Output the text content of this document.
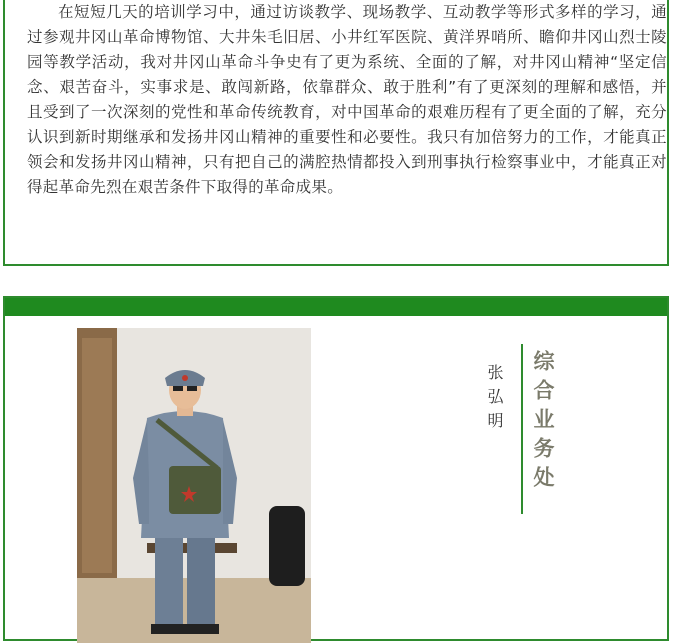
在短短几天的培训学习中，通过访谈教学、现场教学、互动教学等形式多样的学习，通过参观井冈山革命博物馆、大井朱毛旧居、小井红军医院、黄洋界哨所、瞻仰井冈山烈士陵园等教学活动，我对井冈山革命斗争史有了更为系统、全面的了解，对井冈山精神“坚定信念、艰苦奋斗，实事求是、敢闯新路，依靠群众、敢于胜利”有了更深刻的理解和感悟，并且受到了一次深刻的党性和革命传统教育，对中国革命的艰难历程有了更全面的了解，充分认识到新时期继承和发扬井冈山精神的重要性和必要性。我只有加倍努力的工作，才能真正领会和发扬井冈山精神，只有把自己的满腔热情都投入到刑事执行检察事业中，才能真正对得起革命先烈在艰苦条件下取得的革命成果。

张弘明 综合业务处
